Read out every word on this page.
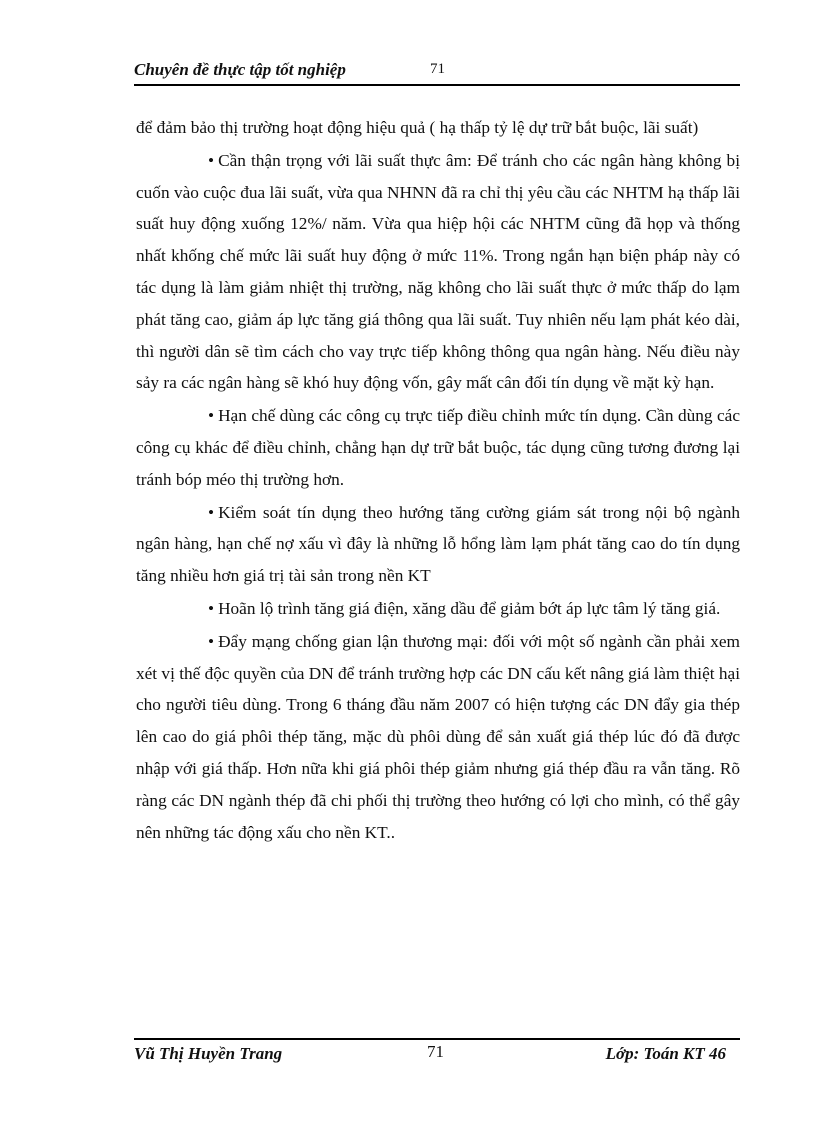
Chuyên đề thực tập tốt nghiệp	71

để đảm bảo thị trường hoạt động hiệu quả ( hạ thấp tỷ lệ dự trữ bắt buộc, lãi suất)

• Cần thận trọng với lãi suất thực âm: Để tránh cho các ngân hàng không bị cuốn vào cuộc đua lãi suất, vừa qua NHNN đã ra chỉ thị yêu cầu các NHTM hạ thấp lãi suất huy động xuống 12%/ năm. Vừa qua hiệp hội các NHTM cũng đã họp và thống nhất khống chế mức lãi suất huy động ở mức 11%. Trong ngắn hạn biện pháp này có tác dụng là làm giảm nhiệt thị trường, năg không cho lãi suất thực ở mức thấp do lạm phát tăng cao, giảm áp lực tăng giá thông qua lãi suất. Tuy nhiên nếu lạm phát kéo dài, thì người dân sẽ tìm cách cho vay trực tiếp không thông qua ngân hàng. Nếu điều này sảy ra các ngân hàng sẽ khó huy động vốn, gây mất cân đối tín dụng về mặt kỳ hạn.

• Hạn chế dùng các công cụ trực tiếp điều chỉnh mức tín dụng. Cần dùng các công cụ khác để điều chỉnh, chẳng hạn dự trữ bắt buộc, tác dụng cũng tương đương lại tránh bóp méo thị trường hơn.

• Kiểm soát tín dụng theo hướng tăng cường giám sát trong nội bộ ngành ngân hàng, hạn chế nợ xấu vì đây là những lỗ hổng làm lạm phát tăng cao do tín dụng tăng nhiều hơn giá trị tài sản trong nền KT

• Hoãn lộ trình tăng giá điện, xăng dầu để giảm bớt áp lực tâm lý tăng giá.

• Đẩy mạng chống gian lận thương mại: đối với một số ngành cần phải xem xét vị thế độc quyền của DN để tránh trường hợp các DN cấu kết nâng giá làm thiệt hại cho người tiêu dùng. Trong 6 tháng đầu năm 2007 có hiện tượng các DN đẩy gia thép lên cao do giá phôi thép tăng, mặc dù phôi dùng để sản xuất giá thép lúc đó đã được nhập với giá thấp. Hơn nữa khi giá phôi thép giảm nhưng giá thép đầu ra vẫn tăng. Rõ ràng các DN ngành thép đã chi phối thị trường theo hướng có lợi cho mình, có thể gây nên những tác động xấu cho nền KT..

Vũ Thị Huyền Trang	71	Lớp: Toán KT 46
